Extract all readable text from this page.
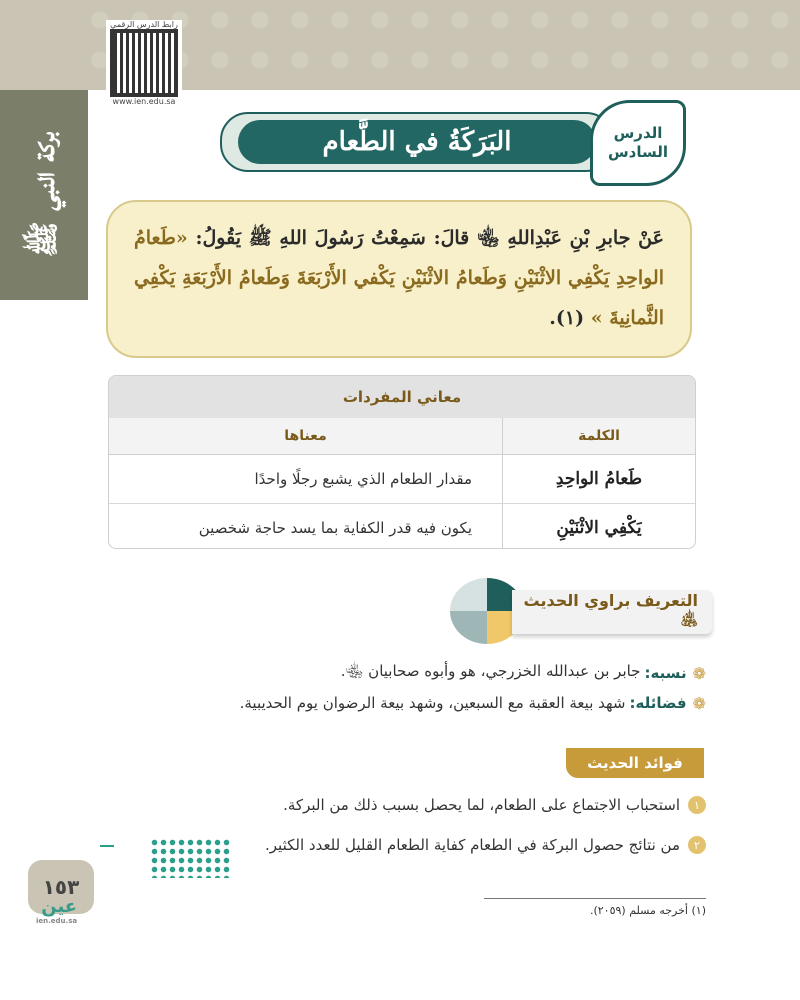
بركة النبي ﷺ
رابط الدرس الرقمي
www.ien.edu.sa
البَرَكَةُ في الطَّعام	الدرس
السادس

عَنْ جابرِ بْنِ عَبْدِاللهِ ﵄ قالَ: سَمِعْتُ رَسُولَ اللهِ ﷺ يَقُولُ: «طَعامُ الواحِدِ يَكْفِي الاثْنَيْنِ وَطَعامُ الاثْنَيْنِ يَكْفي الأَرْبَعَةَ وَطَعامُ الأَرْبَعَةِ يَكْفِي الثَّمانِيةَ » (١).

معاني المفردات
الكلمة	معناها
طَعامُ الواحِدِ	مقدار الطعام الذي يشبع رجلًا واحدًا
يَكْفِي الاثْنَيْنِ	يكون فيه قدر الكفاية بما يسد حاجة شخصين
التعريف براوي الحديث ﵁
❁
نسبه:
جابر بن عبدالله الخزرجي، هو وأبوه صحابيان ﵄.
❁
فضائله:
شهد بيعة العقبة مع السبعين، وشهد بيعة الرضوان يوم الحديبية.
فوائد الحديث
١
استحباب الاجتماع على الطعام، لما يحصل بسبب ذلك من البركة.
٢
من نتائج حصول البركة في الطعام كفاية الطعام القليل للعدد الكثير.
١٥٣
عين
ien.edu.sa
(١) أخرجه مسلم (٢٠٥٩).
